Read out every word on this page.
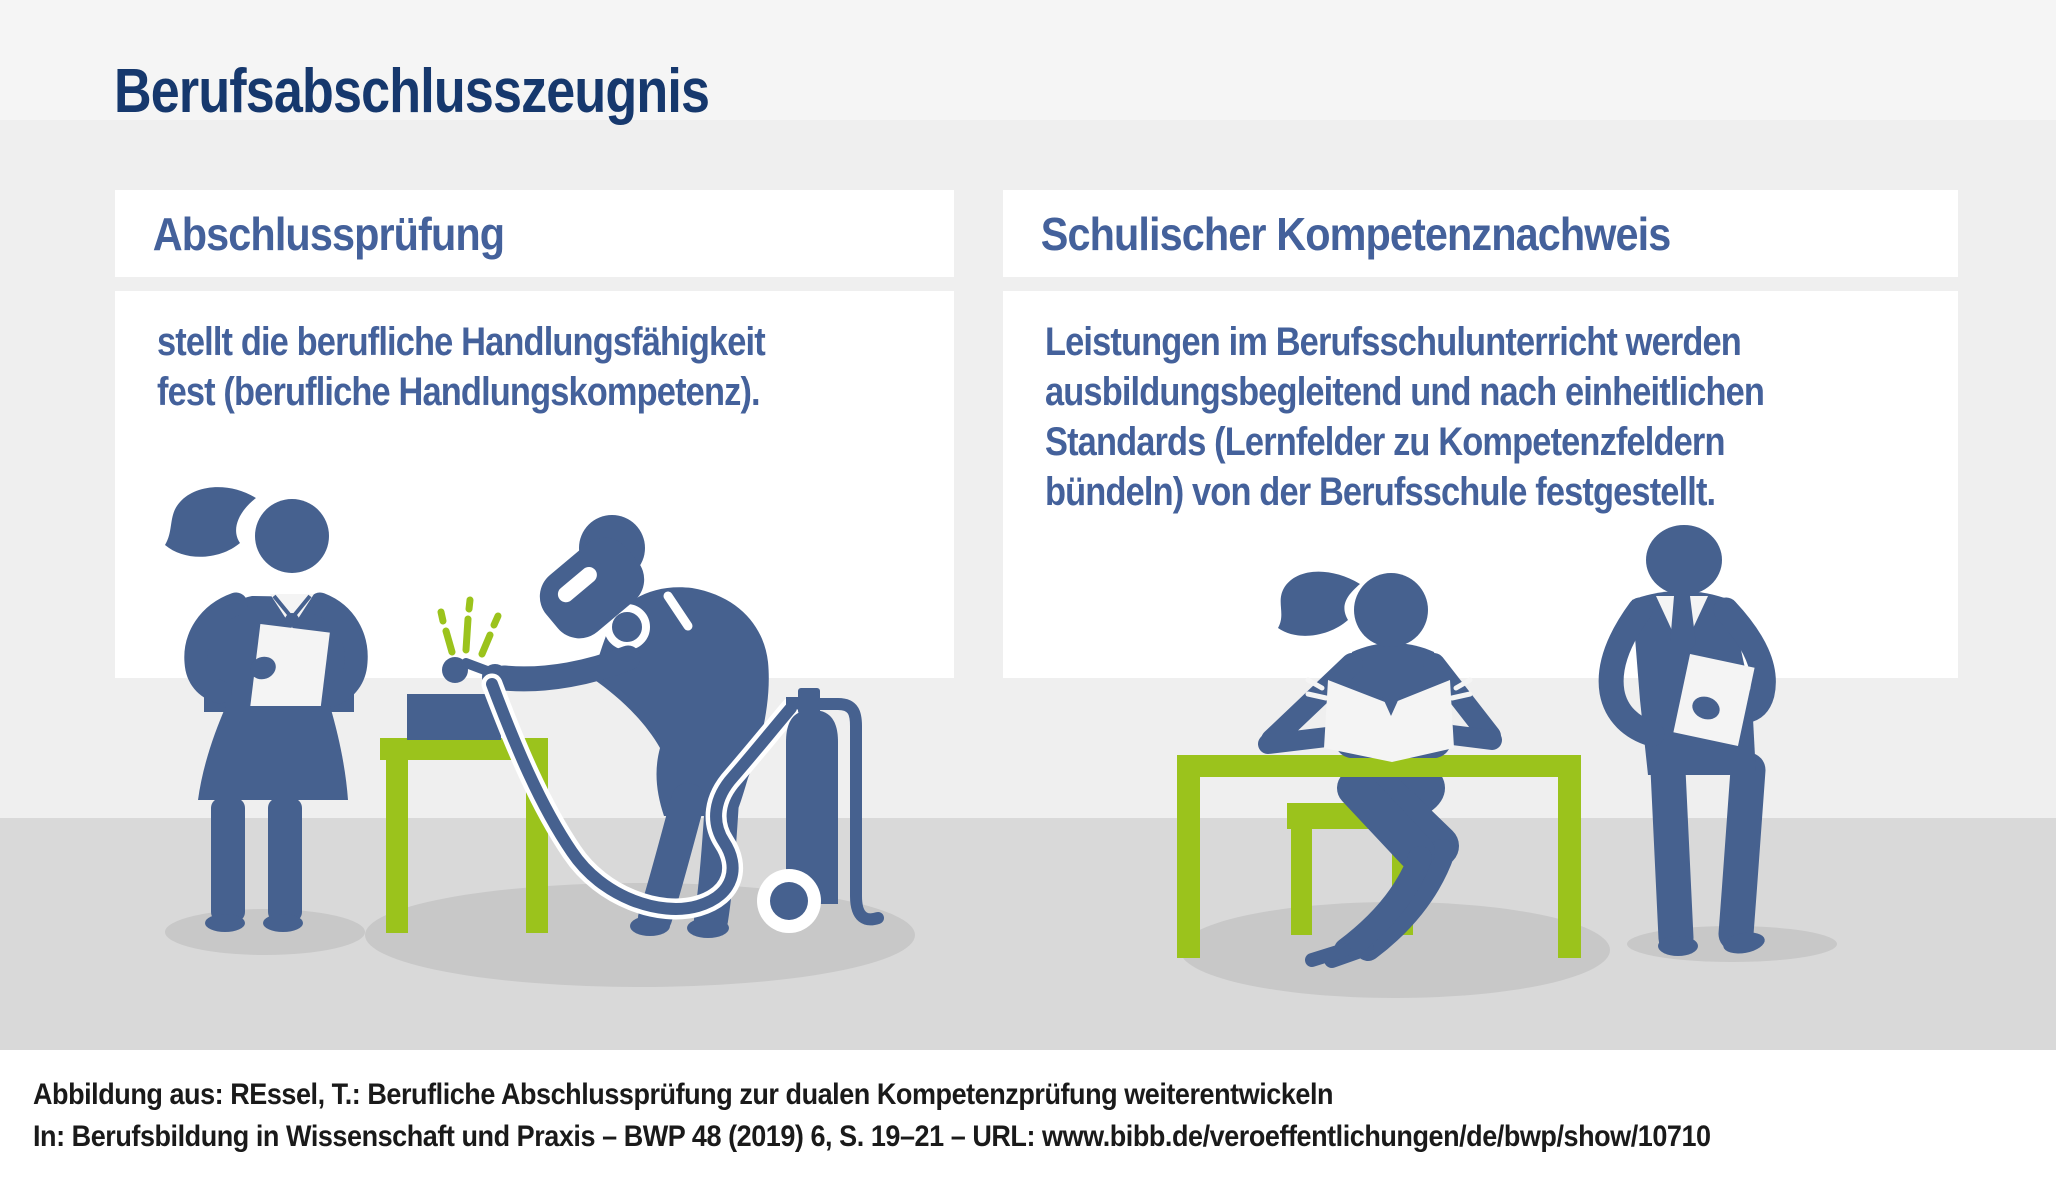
Berufsabschlusszeugnis
Abschlussprüfung	Schulischer Kompetenznachweis
stellt die berufliche Handlungsfähigkeit
fest (berufliche Handlungskompetenz).
Leistungen im Berufsschulunterricht werden
ausbildungsbegleitend und nach einheitlichen
Standards (Lernfelder zu Kompetenzfeldern
bündeln) von der Berufsschule festgestellt.
Abbildung aus: REssel, T.: Berufliche Abschlussprüfung zur dualen Kompetenzprüfung weiterentwickeln
In: Berufsbildung in Wissenschaft und Praxis – BWP 48 (2019) 6, S. 19–21 – URL: www.bibb.de/veroeffentlichungen/de/bwp/show/10710
